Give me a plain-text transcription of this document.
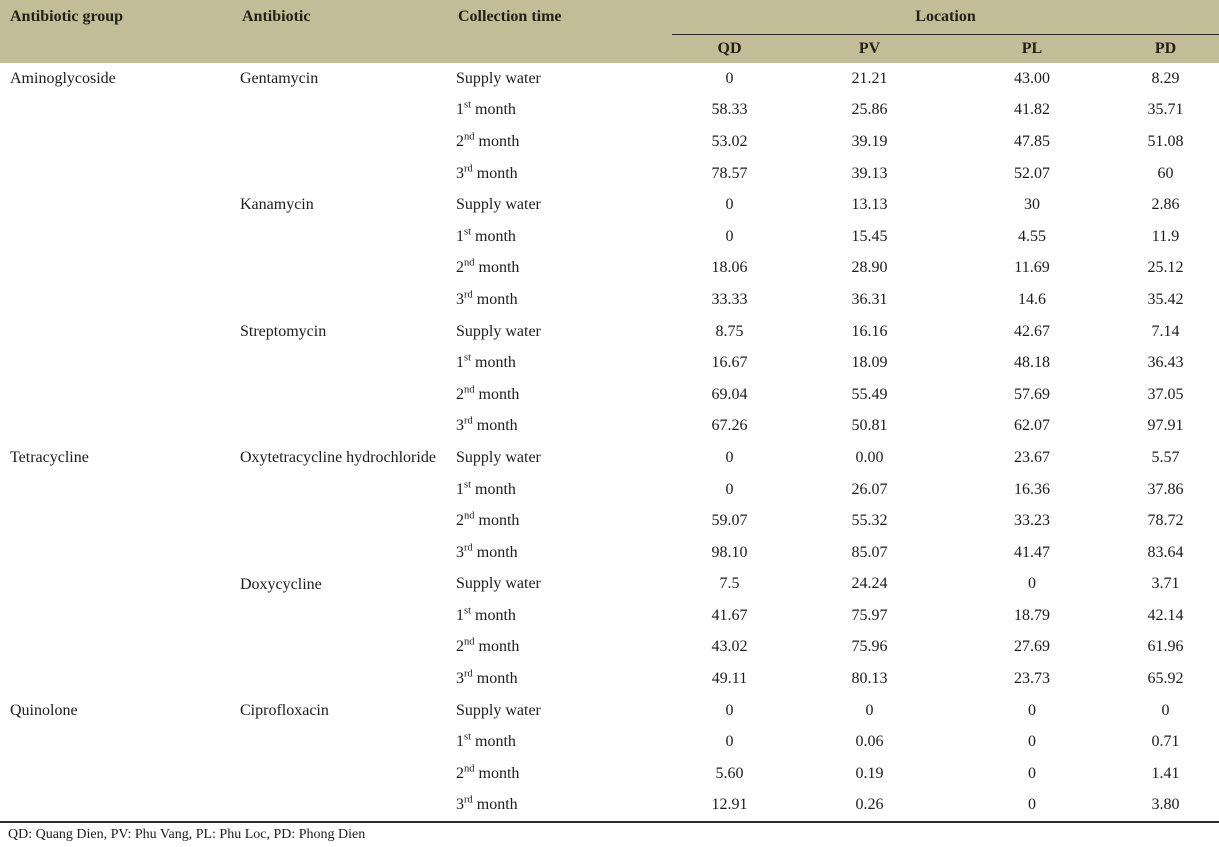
Antibiotic group	Antibiotic	Collection time	Location			
			QD	PV	PL	PD
Aminoglycoside	Gentamycin	Supply water	0	21.21	43.00	8.29
		1st month	58.33	25.86	41.82	35.71
		2nd month	53.02	39.19	47.85	51.08
		3rd month	78.57	39.13	52.07	60
	Kanamycin	Supply water	0	13.13	30	2.86
		1st month	0	15.45	4.55	11.9
		2nd month	18.06	28.90	11.69	25.12
		3rd month	33.33	36.31	14.6	35.42
	Streptomycin	Supply water	8.75	16.16	42.67	7.14
		1st month	16.67	18.09	48.18	36.43
		2nd month	69.04	55.49	57.69	37.05
		3rd month	67.26	50.81	62.07	97.91
Tetracycline	Oxytetracycline hydrochloride	Supply water	0	0.00	23.67	5.57
		1st month	0	26.07	16.36	37.86
		2nd month	59.07	55.32	33.23	78.72
		3rd month	98.10	85.07	41.47	83.64
	Doxycycline	Supply water	7.5	24.24	0	3.71
		1st month	41.67	75.97	18.79	42.14
		2nd month	43.02	75.96	27.69	61.96
		3rd month	49.11	80.13	23.73	65.92
Quinolone	Ciprofloxacin	Supply water	0	0	0	0
		1st month	0	0.06	0	0.71
		2nd month	5.60	0.19	0	1.41
		3rd month	12.91	0.26	0	3.80
QD: Quang Dien, PV: Phu Vang, PL: Phu Loc, PD: Phong Dien
